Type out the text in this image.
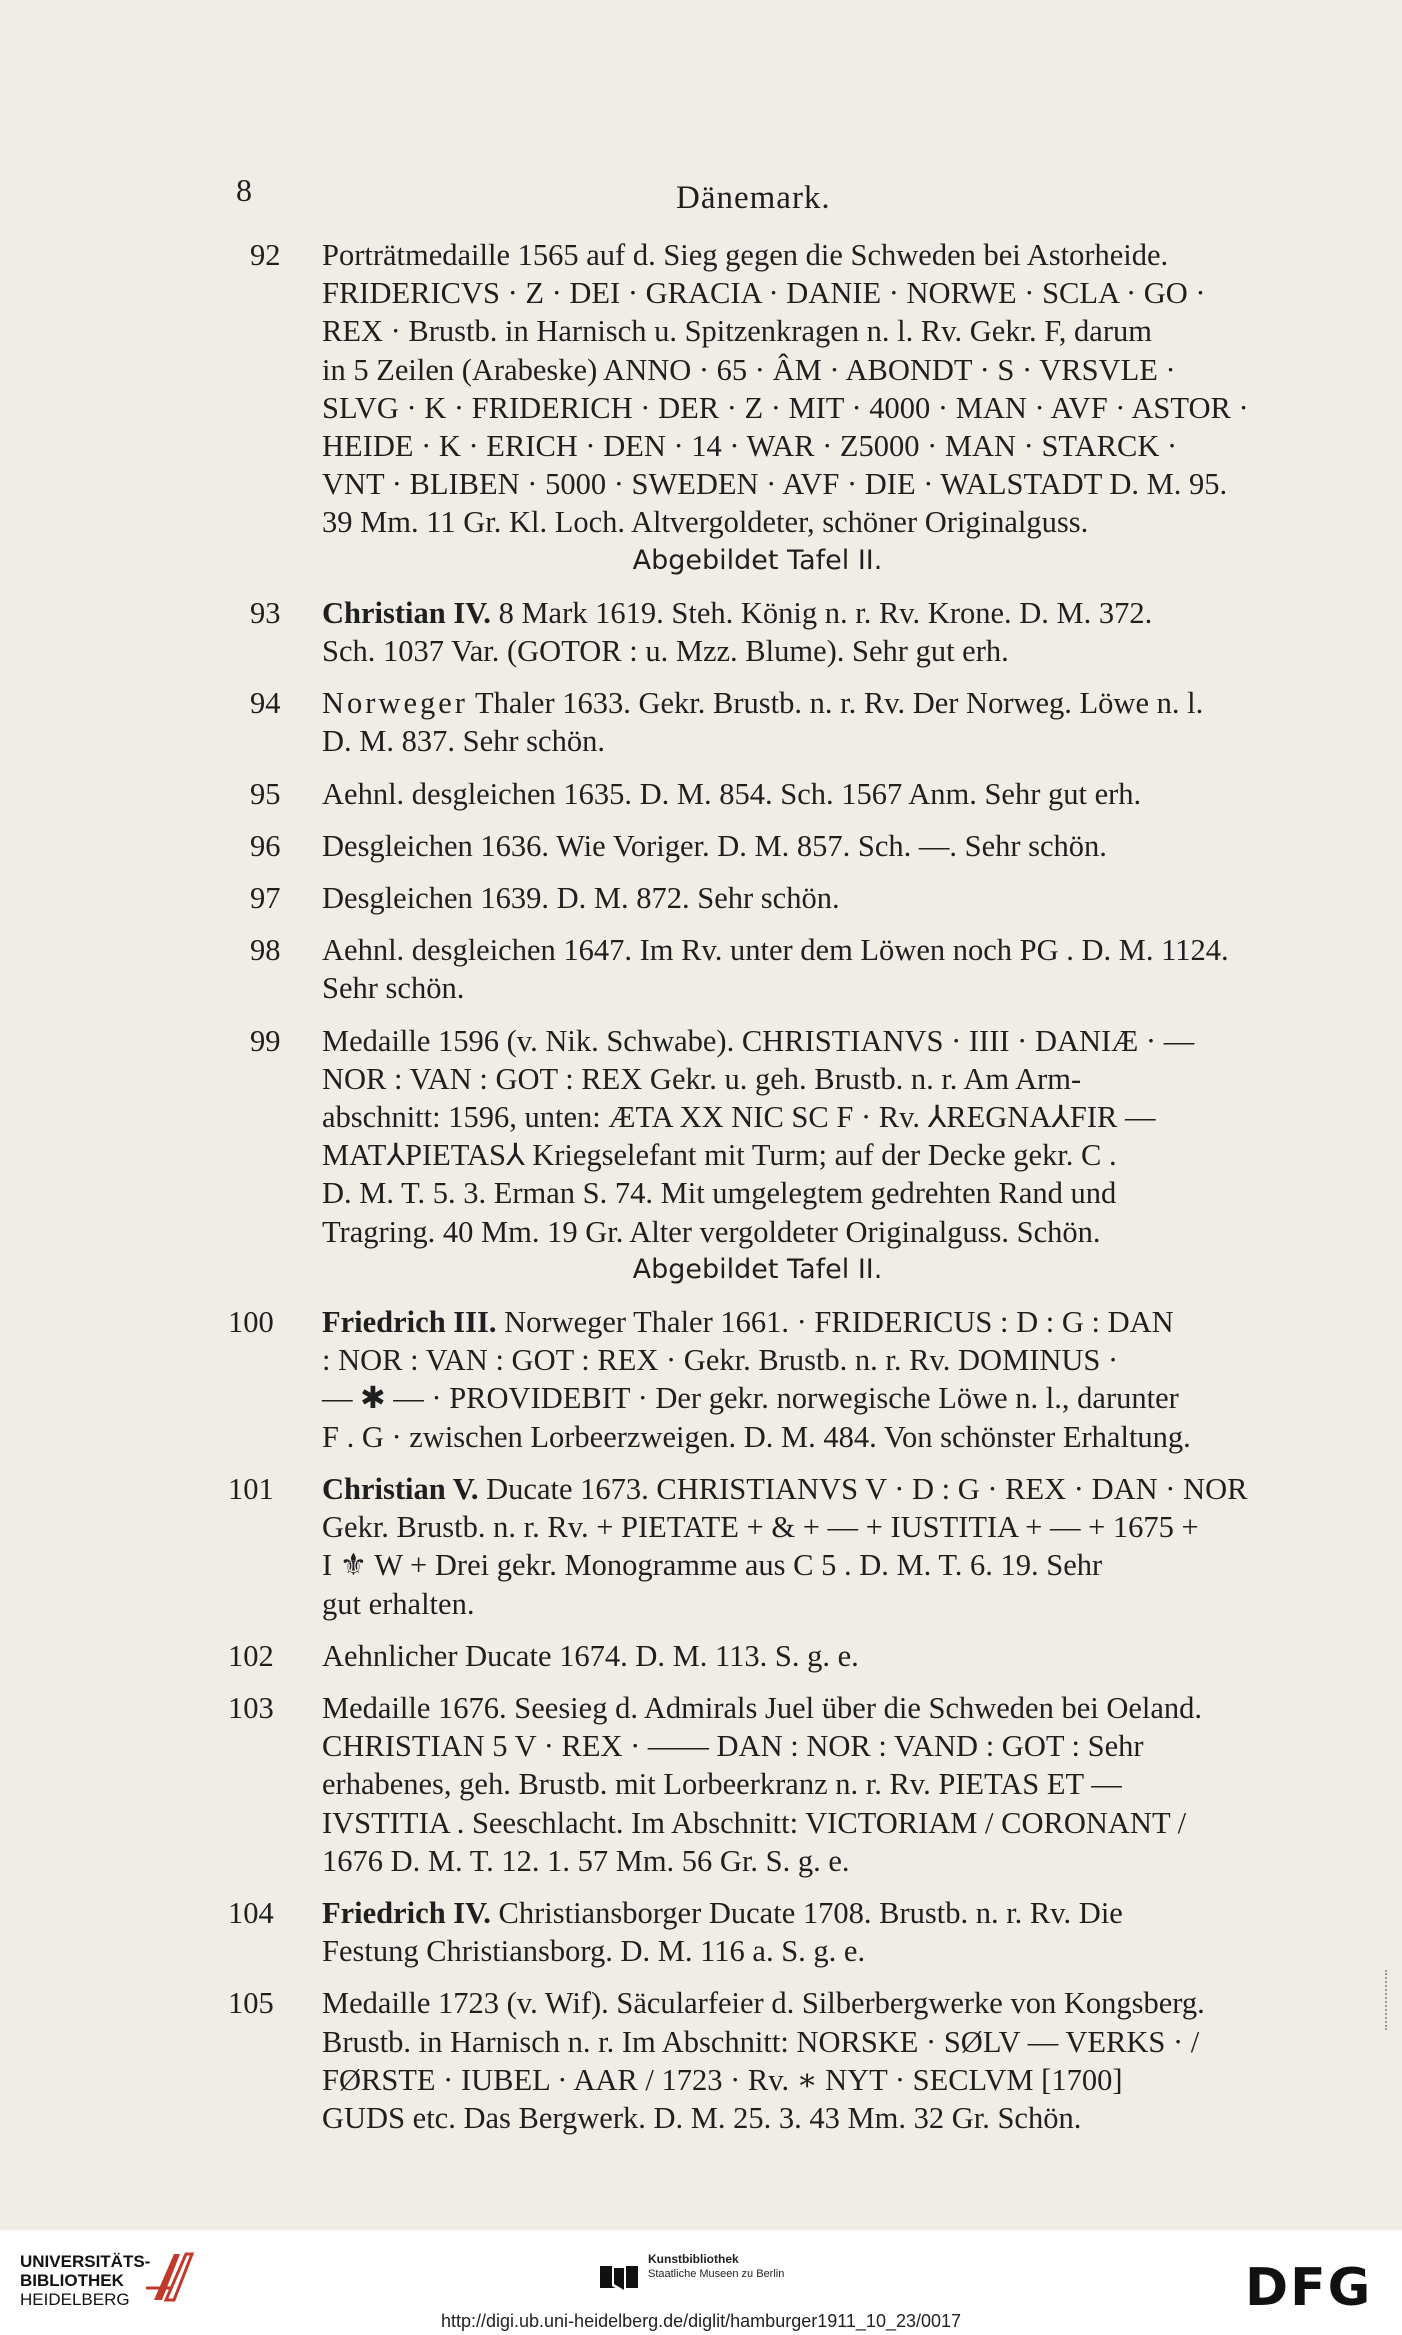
8	Dänemark.
92 Porträtmedaille 1565 auf d. Sieg gegen die Schweden bei Astorheide.
FRIDERICVS · Z · DEI · GRACIA · DANIE · NORWE · SCLA · GO ·
REX · Brustb. in Harnisch u. Spitzenkragen n. l. Rv. Gekr. F, darum
in 5 Zeilen (Arabeske) ANNO · 65 · ÂM · ABONDT · S · VRSVLE ·
SLVG · K · FRIDERICH · DER · Z · MIT · 4000 · MAN · AVF · ASTOR ·
HEIDE · K · ERICH · DEN · 14 · WAR · Z5000 · MAN · STARCK ·
VNT · BLIBEN · 5000 · SWEDEN · AVF · DIE · WALSTADT D. M. 95.
39 Mm. 11 Gr. Kl. Loch. Altvergoldeter, schöner Originalguss.
Abgebildet Tafel II.
93 Christian IV. 8 Mark 1619. Steh. König n. r. Rv. Krone. D. M. 372.
Sch. 1037 Var. (GOTOR : u. Mzz. Blume). Sehr gut erh.
94 Norweger Thaler 1633. Gekr. Brustb. n. r. Rv. Der Norweg. Löwe n. l.
D. M. 837. Sehr schön.
95 Aehnl. desgleichen 1635. D. M. 854. Sch. 1567 Anm. Sehr gut erh.
96 Desgleichen 1636. Wie Voriger. D. M. 857. Sch. —. Sehr schön.
97 Desgleichen 1639. D. M. 872. Sehr schön.
98 Aehnl. desgleichen 1647. Im Rv. unter dem Löwen noch PG . D. M. 1124.
Sehr schön.
99 Medaille 1596 (v. Nik. Schwabe). CHRISTIANVS · IIII · DANIÆ · —
NOR : VAN : GOT : REX Gekr. u. geh. Brustb. n. r. Am Arm-
abschnitt: 1596, unten: ÆTA XX NIC SC F · Rv. ⅄REGNA⅄FIR —
MAT⅄PIETAS⅄ Kriegselefant mit Turm; auf der Decke gekr. C .
D. M. T. 5. 3. Erman S. 74. Mit umgelegtem gedrehten Rand und
Tragring. 40 Mm. 19 Gr. Alter vergoldeter Originalguss. Schön.
Abgebildet Tafel II.
100 Friedrich III. Norweger Thaler 1661. · FRIDERICUS : D : G : DAN
: NOR : VAN : GOT : REX · Gekr. Brustb. n. r. Rv. DOMINUS ·
— ✱ — · PROVIDEBIT · Der gekr. norwegische Löwe n. l., darunter
F . G · zwischen Lorbeerzweigen. D. M. 484. Von schönster Erhaltung.
101 Christian V. Ducate 1673. CHRISTIANVS V · D : G · REX · DAN · NOR
Gekr. Brustb. n. r. Rv. + PIETATE + & + — + IUSTITIA + — + 1675 +
I ⚜ W + Drei gekr. Monogramme aus C 5 . D. M. T. 6. 19. Sehr
gut erhalten.
102 Aehnlicher Ducate 1674. D. M. 113. S. g. e.
103 Medaille 1676. Seesieg d. Admirals Juel über die Schweden bei Oeland.
CHRISTIAN 5 V · REX · —— DAN : NOR : VAND : GOT : Sehr
erhabenes, geh. Brustb. mit Lorbeerkranz n. r. Rv. PIETAS ET —
IVSTITIA . Seeschlacht. Im Abschnitt: VICTORIAM / CORONANT /
1676 D. M. T. 12. 1. 57 Mm. 56 Gr. S. g. e.
104 Friedrich IV. Christiansborger Ducate 1708. Brustb. n. r. Rv. Die
Festung Christiansborg. D. M. 116 a. S. g. e.
105 Medaille 1723 (v. Wif). Säcularfeier d. Silberbergwerke von Kongsberg.
Brustb. in Harnisch n. r. Im Abschnitt: NORSKE · SØLV — VERKS · /
FØRSTE · IUBEL · AAR / 1723 · Rv. ∗ NYT · SECLVM [1700]
GUDS etc. Das Bergwerk. D. M. 25. 3. 43 Mm. 32 Gr. Schön.
UNIVERSITÄTS-
BIBLIOTHEK
HEIDELBERG
Kunstbibliothek
Staatliche Museen zu Berlin	DFG
http://digi.ub.uni-heidelberg.de/diglit/hamburger1911_10_23/0017
